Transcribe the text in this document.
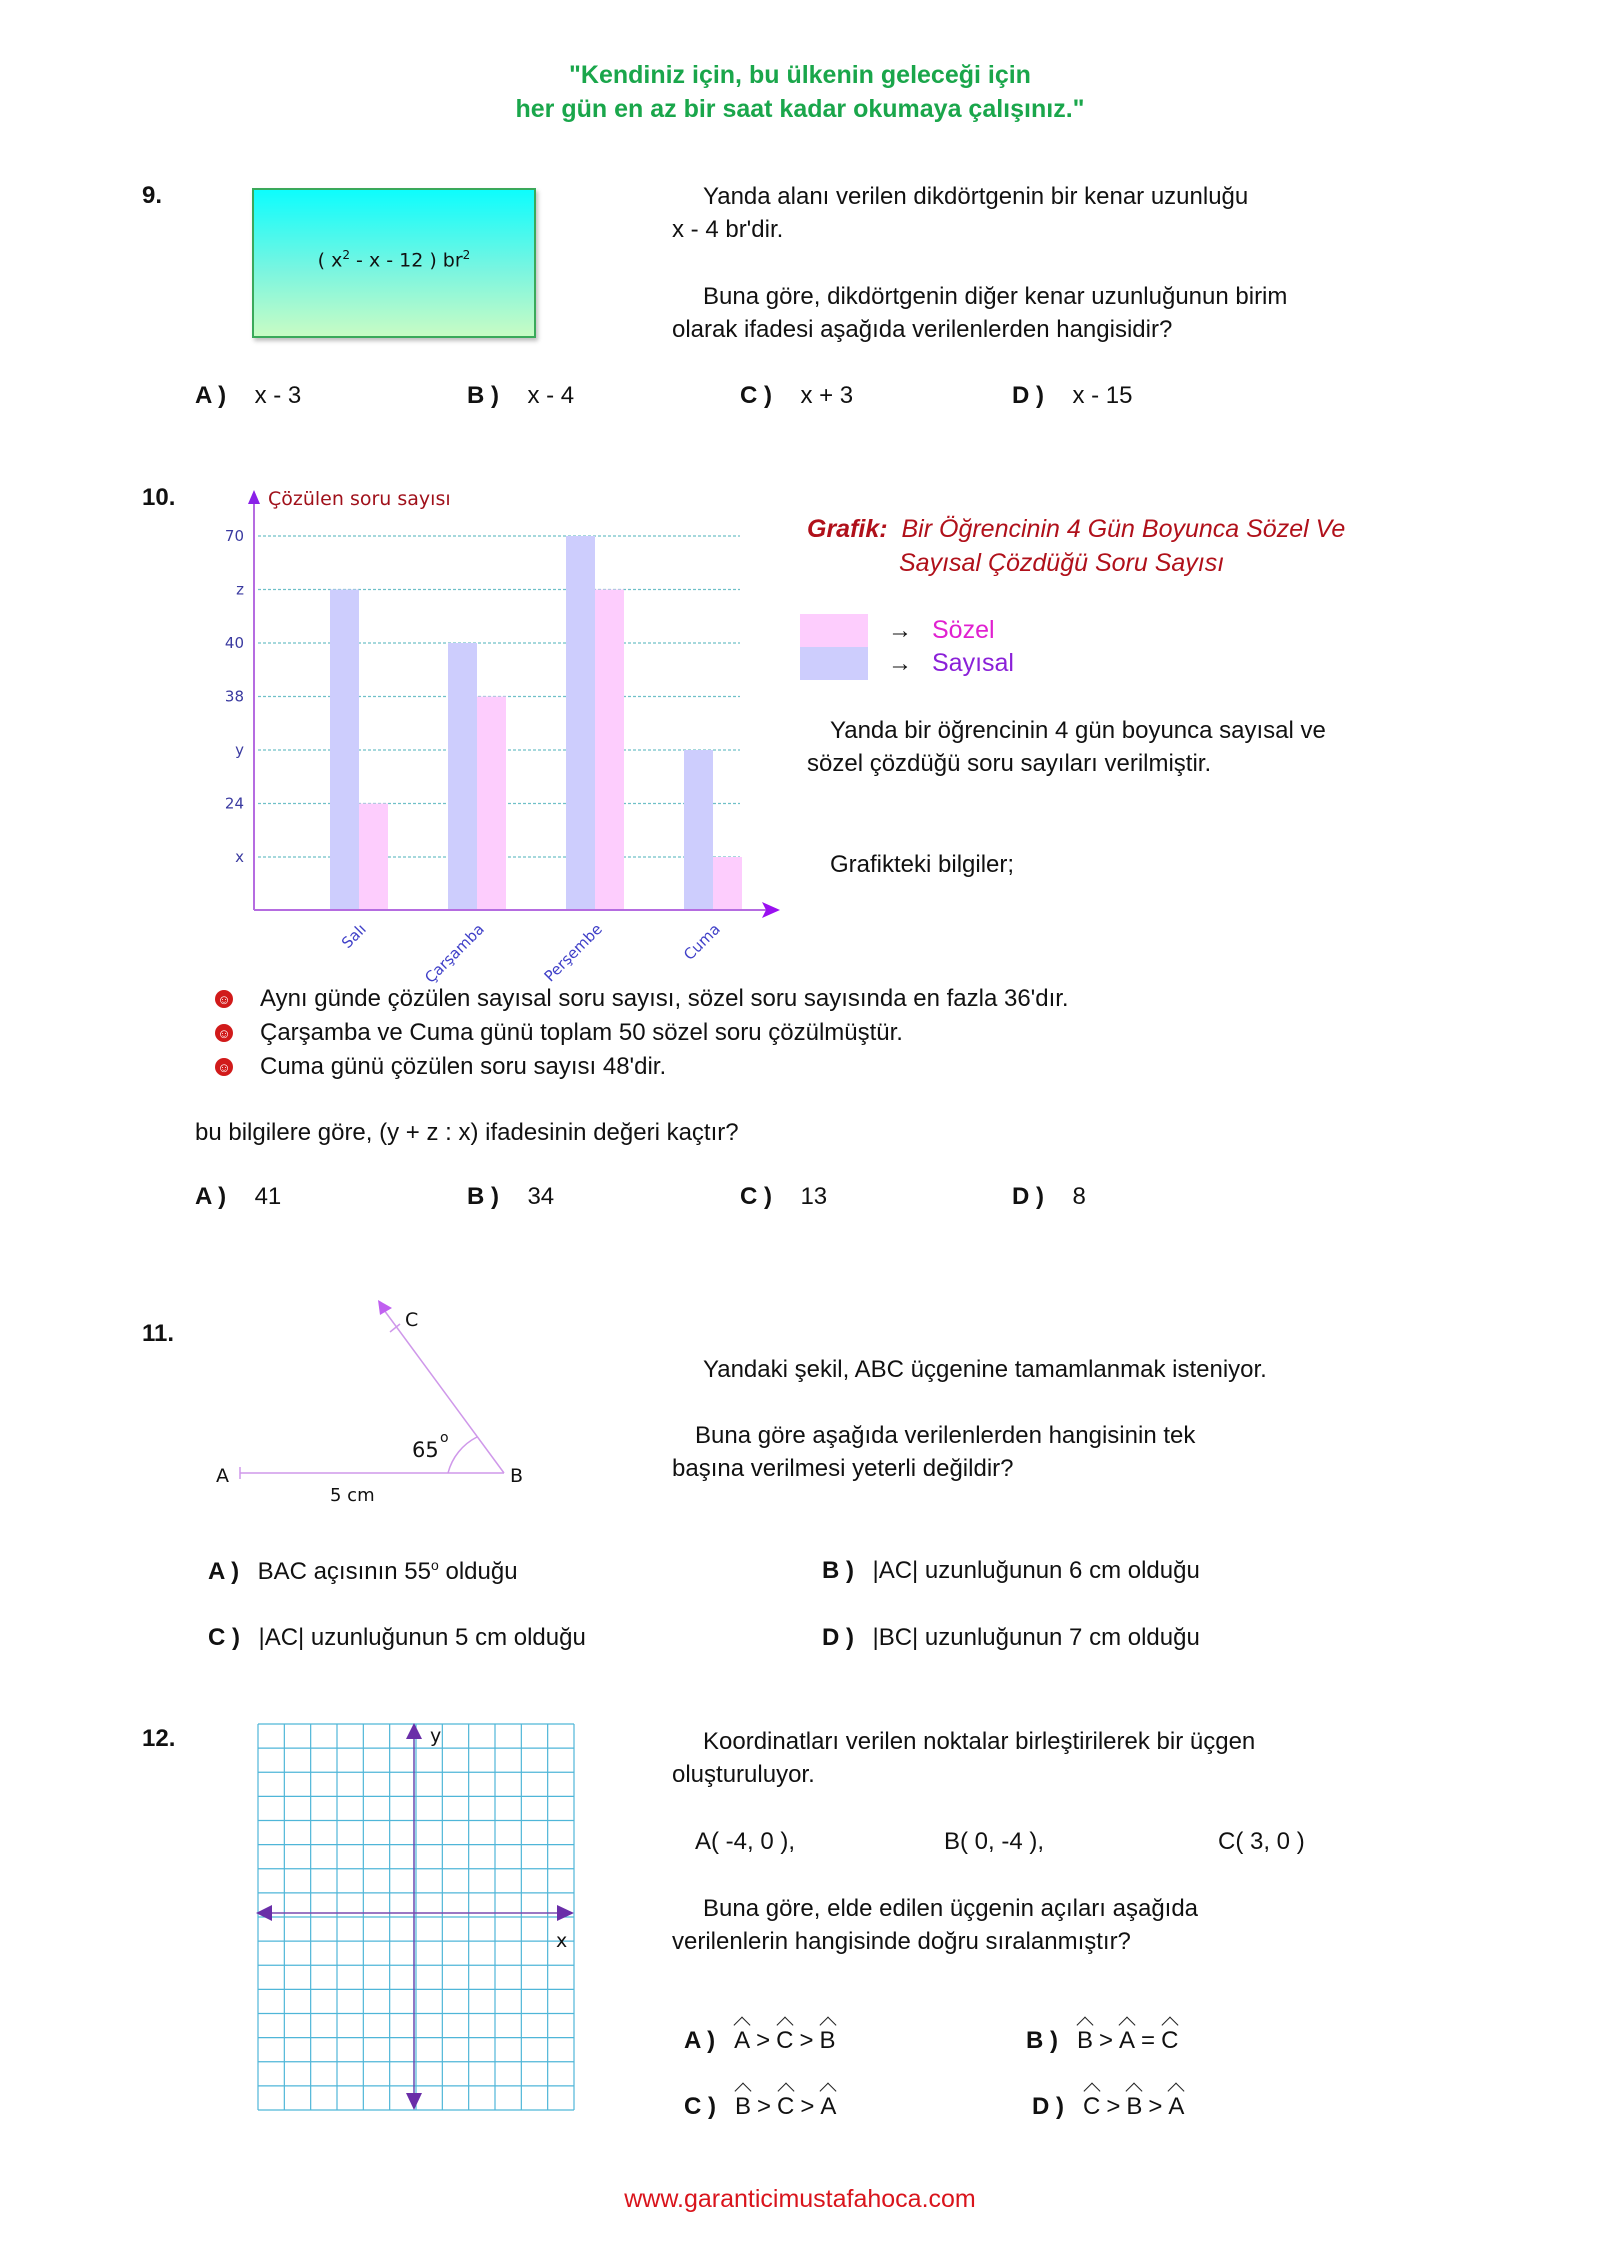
"Kendiniz için, bu ülkenin geleceği için
her gün en az bir saat kadar okumaya çalışınız."
9.
( $x^2$ - x - 12 ) $br^2$
Yanda alanı verilen dikdörtgenin bir kenar uzunluğu
x - 4 br'dir.
Buna göre, dikdörtgenin diğer kenar uzunluğunun birim
olarak ifadesi aşağıda verilenlerden hangisidir?
A ) x - 3	B ) x - 4	C ) x + 3	D ) x - 15
10.	Çözülen soru sayısı
x
24
y
38
40
z
70
Salı	Çarşamba	Perşembe	Cuma
Grafik: Bir Öğrencinin 4 Gün Boyunca Sözel Ve
Sayısal Çözdüğü Soru Sayısı
→ Sözel
→ Sayısal
Yanda bir öğrencinin 4 gün boyunca sayısal ve
sözel çözdüğü soru sayıları verilmiştir.
Grafikteki bilgiler;
☺ Aynı günde çözülen sayısal soru sayısı, sözel soru sayısında en fazla 36'dır.
☺ Çarşamba ve Cuma günü toplam 50 sözel soru çözülmüştür.
☺ Cuma günü çözülen soru sayısı 48'dir.
bu bilgilere göre, (y + z : x) ifadesinin değeri kaçtır?
A ) 41	B ) 34	C ) 13	D ) 8
11.
A	B
C
65 o
5 cm
Yandaki şekil, ABC üçgenine tamamlanmak isteniyor.
Buna göre aşağıda verilenlerden hangisinin tek
başına verilmesi yeterli değildir?
A ) BAC açısının 55$^o$ olduğu	B ) |AC| uzunluğunun 6 cm olduğu
C ) |AC| uzunluğunun 5 cm olduğu	D ) |BC| uzunluğunun 7 cm olduğu
12.	y
x
Koordinatları verilen noktalar birleştirilerek bir üçgen
oluşturuluyor.
A( -4, 0 ),	B( 0, -4 ),	C( 3, 0 )
Buna göre, elde edilen üçgenin açıları aşağıda
verilenlerin hangisinde doğru sıralanmıştır?
A ) A > C > B	B ) B > A = C
C ) B > C > A	D ) C > B > A
www.garanticimustafahoca.com
